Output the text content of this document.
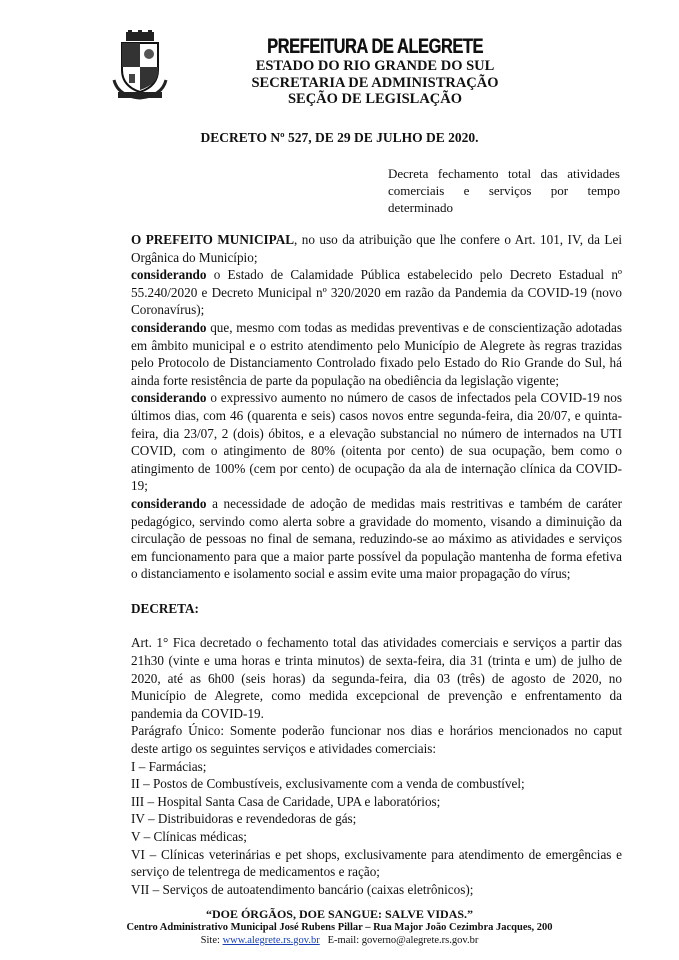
PREFEITURA DE ALEGRETE
ESTADO DO RIO GRANDE DO SUL
SECRETARIA DE ADMINISTRAÇÃO
SEÇÃO DE LEGISLAÇÃO
DECRETO Nº 527, DE 29 DE JULHO DE 2020.
Decreta fechamento total das atividades comerciais e serviços por tempo determinado

O PREFEITO MUNICIPAL, no uso da atribuição que lhe confere o Art. 101, IV, da Lei Orgânica do Município;

considerando o Estado de Calamidade Pública estabelecido pelo Decreto Estadual nº 55.240/2020 e Decreto Municipal nº 320/2020 em razão da Pandemia da COVID-19 (novo Coronavírus);

considerando que, mesmo com todas as medidas preventivas e de conscientização adotadas em âmbito municipal e o estrito atendimento pelo Município de Alegrete às regras trazidas pelo Protocolo de Distanciamento Controlado fixado pelo Estado do Rio Grande do Sul, há ainda forte resistência de parte da população na obediência da legislação vigente;

considerando o expressivo aumento no número de casos de infectados pela COVID-19 nos últimos dias, com 46 (quarenta e seis) casos novos entre segunda-feira, dia 20/07, e quinta-feira, dia 23/07, 2 (dois) óbitos, e a elevação substancial no número de internados na UTI COVID, com o atingimento de 80% (oitenta por cento) de sua ocupação, bem como o atingimento de 100% (cem por cento) de ocupação da ala de internação clínica da COVID-19;

considerando a necessidade de adoção de medidas mais restritivas e também de caráter pedagógico, servindo como alerta sobre a gravidade do momento, visando a diminuição da circulação de pessoas no final de semana, reduzindo-se ao máximo as atividades e serviços em funcionamento para que a maior parte possível da população mantenha de forma efetiva o distanciamento e isolamento social e assim evite uma maior propagação do vírus;

DECRETA:

Art. 1° Fica decretado o fechamento total das atividades comerciais e serviços a partir das 21h30 (vinte e uma horas e trinta minutos) de sexta-feira, dia 31 (trinta e um) de julho de 2020, até as 6h00 (seis horas) da segunda-feira, dia 03 (três) de agosto de 2020, no Município de Alegrete, como medida excepcional de prevenção e enfrentamento da pandemia da COVID-19.

Parágrafo Único: Somente poderão funcionar nos dias e horários mencionados no caput deste artigo os seguintes serviços e atividades comerciais:

I – Farmácias;

II – Postos de Combustíveis, exclusivamente com a venda de combustível;

III – Hospital Santa Casa de Caridade, UPA e laboratórios;

IV – Distribuidoras e revendedoras de gás;

V – Clínicas médicas;

VI – Clínicas veterinárias e pet shops, exclusivamente para atendimento de emergências e serviço de telentrega de medicamentos e ração;

VII – Serviços de autoatendimento bancário (caixas eletrônicos);

“DOE ÓRGÃOS, DOE SANGUE: SALVE VIDAS.”
Centro Administrativo Municipal José Rubens Pillar – Rua Major João Cezimbra Jacques, 200
Site: www.alegrete.rs.gov.br   E-mail: governo@alegrete.rs.gov.br
